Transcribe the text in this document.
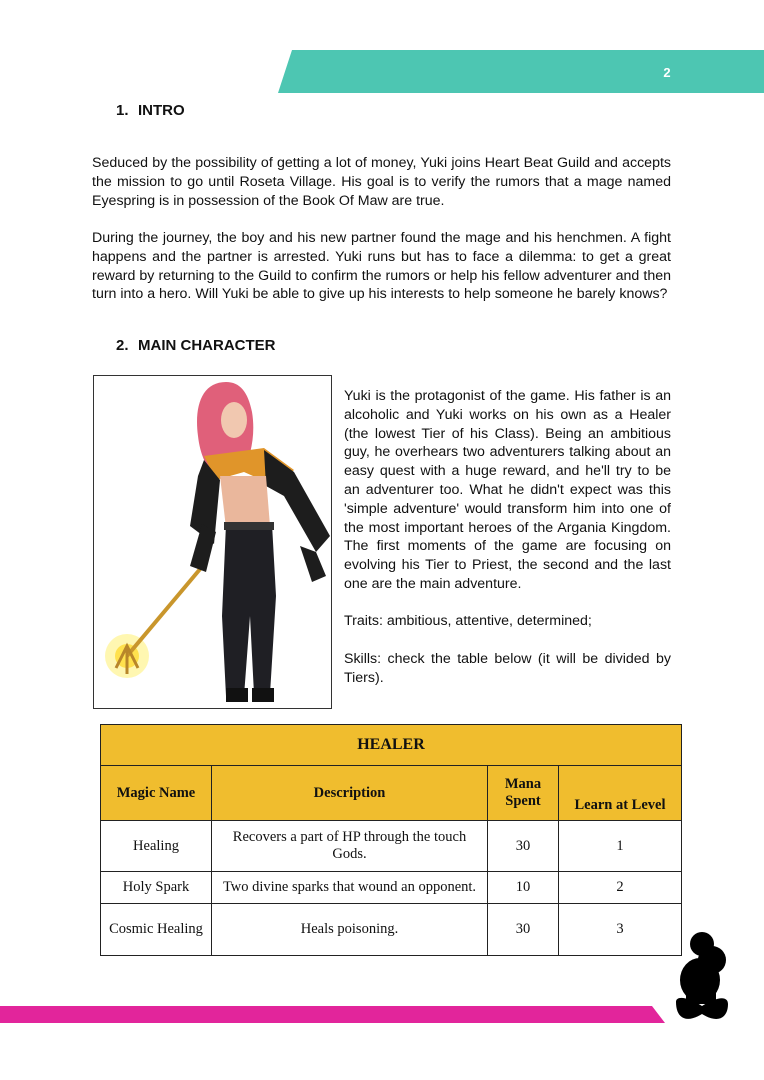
2
1. INTRO

Seduced by the possibility of getting a lot of money, Yuki joins Heart Beat Guild and accepts the mission to go until Roseta Village. His goal is to verify the rumors that a mage named Eyespring is in possession of the Book Of Maw are true.

During the journey, the boy and his new partner found the mage and his henchmen. A fight happens and the partner is arrested. Yuki runs but has to face a dilemma: to get a great reward by returning to the Guild to confirm the rumors or help his fellow adventurer and then turn into a hero. Will Yuki be able to give up his interests to help someone he barely knows?

2. MAIN CHARACTER

Yuki is the protagonist of the game. His father is an alcoholic and Yuki works on his own as a Healer (the lowest Tier of his Class). Being an ambitious guy, he overhears two adventurers talking about an easy quest with a huge reward, and he'll try to be an adventurer too. What he didn't expect was this 'simple adventure' would transform him into one of the most important heroes of the Argania Kingdom. The first moments of the game are focusing on evolving his Tier to Priest, the second and the last one are the main adventure.

Traits: ambitious, attentive, determined;

Skills: check the table below (it will be divided by Tiers).

HEALER			
Magic Name	Description	Mana Spent	Learn at Level
Healing	Recovers a part of HP through the touch Gods.	30	1
Holy Spark	Two divine sparks that wound an opponent.	10	2
Cosmic Healing	Heals poisoning.	30	3
